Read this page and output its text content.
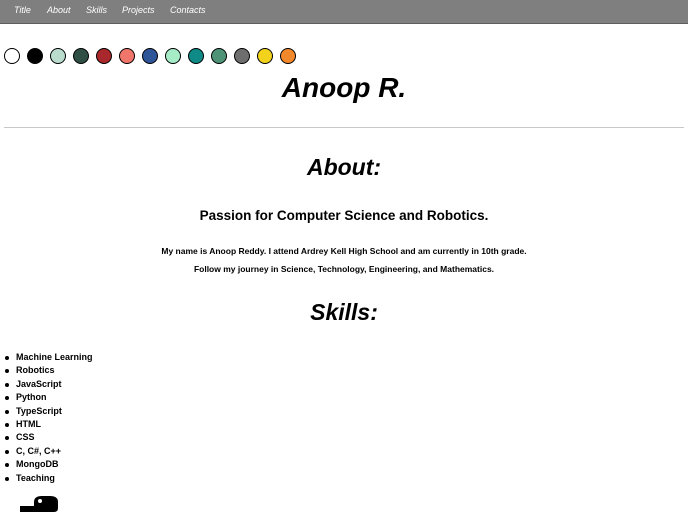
Title About Skills Projects Contacts
Anoop R.
About:
Passion for Computer Science and Robotics.

My name is Anoop Reddy. I attend Ardrey Kell High School and am currently in 10th grade.

Follow my journey in Science, Technology, Engineering, and Mathematics.

Skills:
Machine Learning
Robotics
JavaScript
Python
TypeScript
HTML
CSS
C, C#, C++
MongoDB
Teaching
